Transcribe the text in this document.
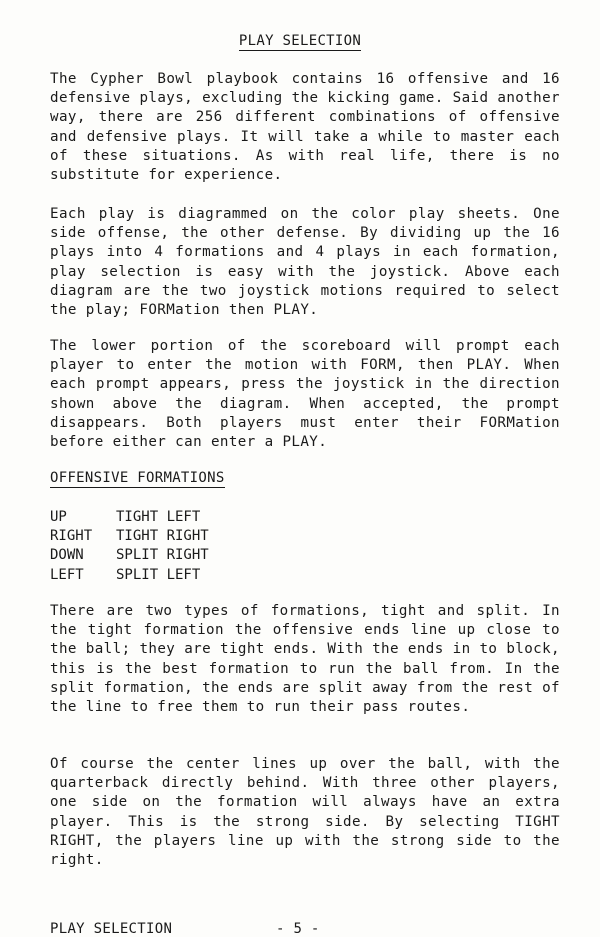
PLAY SELECTION
The Cypher Bowl playbook contains 16 offensive and 16 defensive plays, excluding the kicking game. Said another way, there are 256 different combinations of offensive and defensive plays. It will take a while to master each of these situations. As with real life, there is no substitute for experience.
Each play is diagrammed on the color play sheets. One side offense, the other defense. By dividing up the 16 plays into 4 formations and 4 plays in each formation, play selection is easy with the joystick. Above each diagram are the two joystick motions required to select the play; FORMation then PLAY.
The lower portion of the scoreboard will prompt each player to enter the motion with FORM, then PLAY. When each prompt appears, press the joystick in the direction shown above the diagram. When accepted, the prompt disappears. Both players must enter their FORMation before either can enter a PLAY.
OFFENSIVE FORMATIONS
UP	TIGHT LEFT
RIGHT	TIGHT RIGHT
DOWN	SPLIT RIGHT
LEFT	SPLIT LEFT
There are two types of formations, tight and split. In the tight formation the offensive ends line up close to the ball; they are tight ends. With the ends in to block, this is the best formation to run the ball from. In the split formation, the ends are split away from the rest of the line to free them to run their pass routes.
Of course the center lines up over the ball, with the quarterback directly behind. With three other players, one side on the formation will always have an extra player. This is the strong side. By selecting TIGHT RIGHT, the players line up with the strong side to the right.
PLAY SELECTION	- 5 -
